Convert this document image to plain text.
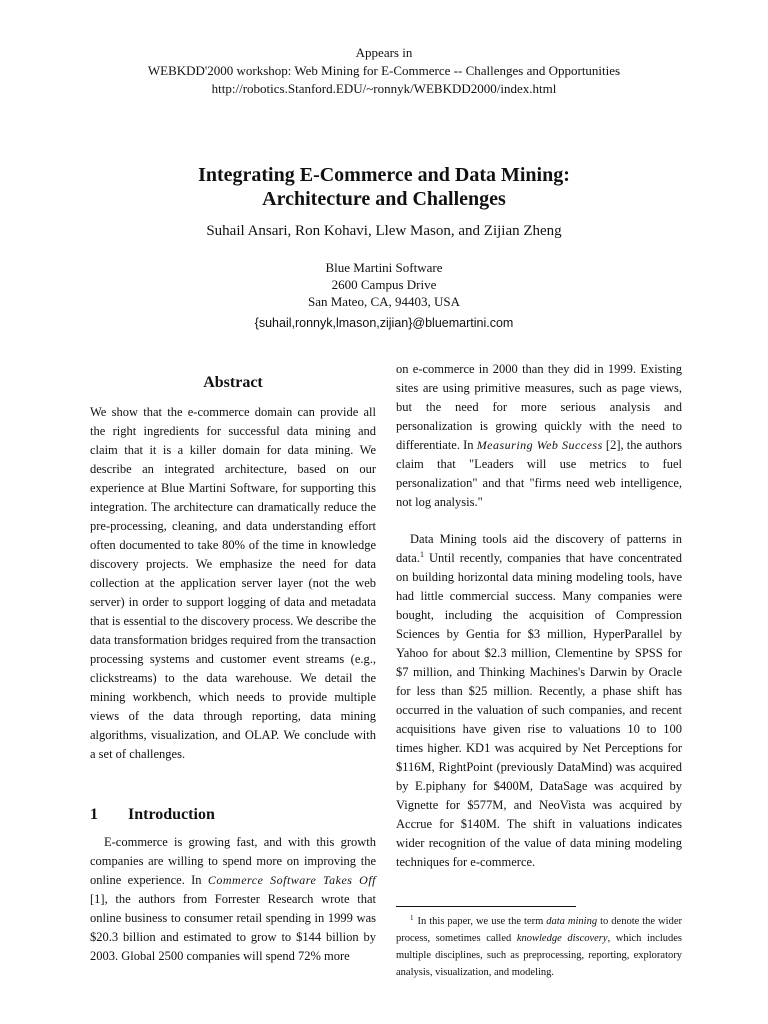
Appears in
WEBKDD'2000 workshop: Web Mining for E-Commerce -- Challenges and Opportunities
http://robotics.Stanford.EDU/~ronnyk/WEBKDD2000/index.html
Integrating E-Commerce and Data Mining:
Architecture and Challenges
Suhail Ansari, Ron Kohavi, Llew Mason, and Zijian Zheng
Blue Martini Software
2600 Campus Drive
San Mateo, CA, 94403, USA
{suhail,ronnyk,lmason,zijian}@bluemartini.com
Abstract

We show that the e-commerce domain can provide all the right ingredients for successful data mining and claim that it is a killer domain for data mining. We describe an integrated architecture, based on our experience at Blue Martini Software, for supporting this integration. The architecture can dramatically reduce the pre-processing, cleaning, and data understanding effort often documented to take 80% of the time in knowledge discovery projects. We emphasize the need for data collection at the application server layer (not the web server) in order to support logging of data and metadata that is essential to the discovery process. We describe the data transformation bridges required from the transaction processing systems and customer event streams (e.g., clickstreams) to the data warehouse. We detail the mining workbench, which needs to provide multiple views of the data through reporting, data mining algorithms, visualization, and OLAP. We conclude with a set of challenges.

1	Introduction

E-commerce is growing fast, and with this growth companies are willing to spend more on improving the online experience. In Commerce Software Takes Off [1], the authors from Forrester Research wrote that online business to consumer retail spending in 1999 was $20.3 billion and estimated to grow to $144 billion by 2003. Global 2500 companies will spend 72% more

on e-commerce in 2000 than they did in 1999. Existing sites are using primitive measures, such as page views, but the need for more serious analysis and personalization is growing quickly with the need to differentiate. In Measuring Web Success [2], the authors claim that "Leaders will use metrics to fuel personalization" and that "firms need web intelligence, not log analysis."

Data Mining tools aid the discovery of patterns in data.$^1$ Until recently, companies that have concentrated on building horizontal data mining modeling tools, have had little commercial success. Many companies were bought, including the acquisition of Compression Sciences by Gentia for $3 million, HyperParallel by Yahoo for about $2.3 million, Clementine by SPSS for $7 million, and Thinking Machines's Darwin by Oracle for less than $25 million. Recently, a phase shift has occurred in the valuation of such companies, and recent acquisitions have given rise to valuations 10 to 100 times higher. KD1 was acquired by Net Perceptions for $116M, RightPoint (previously DataMind) was acquired by E.piphany for $400M, DataSage was acquired by Vignette for $577M, and NeoVista was acquired by Accrue for $140M. The shift in valuations indicates wider recognition of the value of data mining modeling techniques for e-commerce.

$^1$ In this paper, we use the term data mining to denote the wider process, sometimes called knowledge discovery, which includes multiple disciplines, such as preprocessing, reporting, exploratory analysis, visualization, and modeling.
